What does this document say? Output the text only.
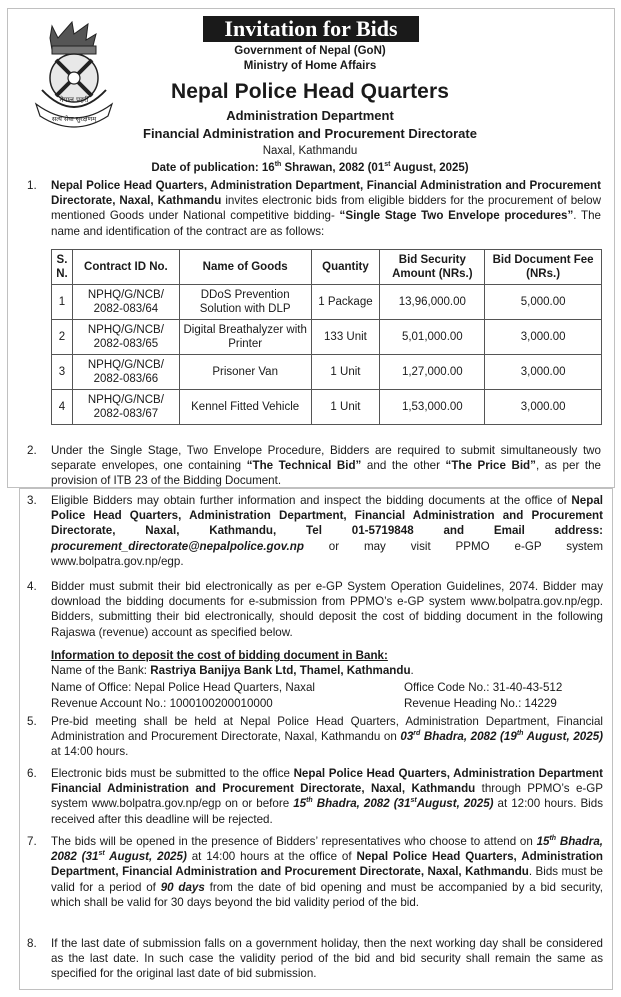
Invitation for Bids
नेपाल प्रहरी
सत्य सेवा सुरक्षणम्
Government of Nepal (GoN)
Ministry of Home Affairs
Nepal Police Head Quarters
Administration Department
Financial Administration and Procurement Directorate
Naxal, Kathmandu
Date of publication: 16th Shrawan, 2082 (01st August, 2025)
1. Nepal Police Head Quarters, Administration Department, Financial Administration and Procurement Directorate, Naxal, Kathmandu invites electronic bids from eligible bidders for the procurement of below mentioned Goods under National competitive bidding- “Single Stage Two Envelope procedures”. The name and identification of the contract are as follows:
S. N.	Contract ID No.	Name of Goods	Quantity	Bid Security Amount (NRs.)	Bid Document Fee (NRs.)
1	NPHQ/G/NCB/ 2082-083/64	DDoS Prevention Solution with DLP	1 Package	13,96,000.00	5,000.00
2	NPHQ/G/NCB/ 2082-083/65	Digital Breathalyzer with Printer	133 Unit	5,01,000.00	3,000.00
3	NPHQ/G/NCB/ 2082-083/66	Prisoner Van	1 Unit	1,27,000.00	3,000.00
4	NPHQ/G/NCB/ 2082-083/67	Kennel Fitted Vehicle	1 Unit	1,53,000.00	3,000.00
2. Under the Single Stage, Two Envelope Procedure, Bidders are required to submit simultaneously two separate envelopes, one containing “The Technical Bid” and the other “The Price Bid”, as per the provision of ITB 23 of the Bidding Document.
3. Eligible Bidders may obtain further information and inspect the bidding documents at the office of Nepal Police Head Quarters, Administration Department, Financial Administration and Procurement Directorate, Naxal, Kathmandu, Tel 01-5719848 and Email address: procurement_directorate@nepalpolice.gov.np or may visit PPMO e-GP system www.bolpatra.gov.np/egp.
4. Bidder must submit their bid electronically as per e-GP System Operation Guidelines, 2074. Bidder may download the bidding documents for e-submission from PPMO’s e-GP system www.bolpatra.gov.np/egp. Bidders, submitting their bid electronically, should deposit the cost of bidding document in the following Rajaswa (revenue) account as specified below.
Information to deposit the cost of bidding document in Bank:
Name of the Bank: Rastriya Banijya Bank Ltd, Thamel, Kathmandu.
Name of Office: Nepal Police Head Quarters, Naxal	Office Code No.: 31-40-43-512
Revenue Account No.: 1000100200010000	Revenue Heading No.: 14229
5. Pre-bid meeting shall be held at Nepal Police Head Quarters, Administration Department, Financial Administration and Procurement Directorate, Naxal, Kathmandu on 03rd Bhadra, 2082 (19th August, 2025) at 14:00 hours.
6. Electronic bids must be submitted to the office Nepal Police Head Quarters, Administration Department Financial Administration and Procurement Directorate, Naxal, Kathmandu through PPMO’s e-GP system www.bolpatra.gov.np/egp on or before 15th Bhadra, 2082 (31stAugust, 2025) at 12:00 hours. Bids received after this deadline will be rejected.
7. The bids will be opened in the presence of Bidders’ representatives who choose to attend on 15th Bhadra, 2082 (31st August, 2025) at 14:00 hours at the office of Nepal Police Head Quarters, Administration Department, Financial Administration and Procurement Directorate, Naxal, Kathmandu. Bids must be valid for a period of 90 days from the date of bid opening and must be accompanied by a bid security, which shall be valid for 30 days beyond the bid validity period of the bid.
8. If the last date of submission falls on a government holiday, then the next working day shall be considered as the last date. In such case the validity period of the bid and bid security shall remain the same as specified for the original last date of bid submission.
